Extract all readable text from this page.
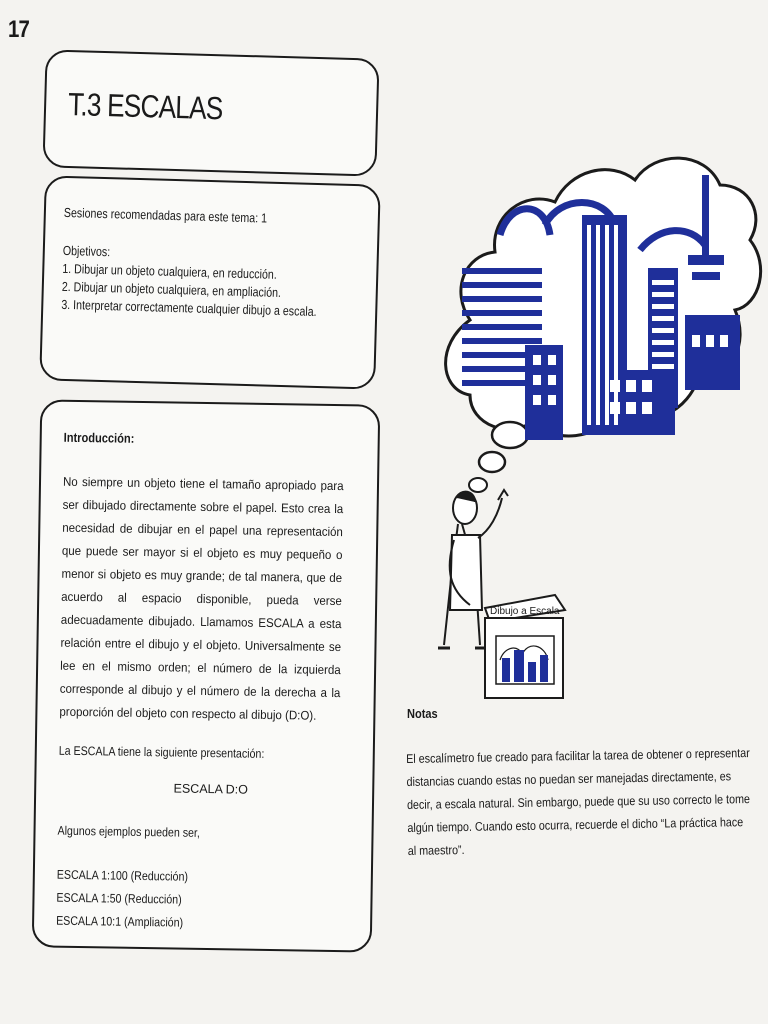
17
T.3 ESCALAS

Sesiones recomendadas para este tema: 1

Objetivos:

1. Dibujar un objeto cualquiera, en reducción.

2. Dibujar un objeto cualquiera, en ampliación.

3. Interpretar correctamente cualquier dibujo a escala.

Introducción:
No siempre un objeto tiene el tamaño apropiado para ser dibujado directamente sobre el papel. Esto crea la necesidad de dibujar en el papel una representación que puede ser mayor si el objeto es muy pequeño o menor si objeto es muy grande; de tal manera, que de acuerdo al espacio disponible, pueda verse adecuadamente dibujado. Llamamos ESCALA a esta relación entre el dibujo y el objeto. Universalmente se lee en el mismo orden; el número de la izquierda corresponde al dibujo y el número de la derecha a la proporción del objeto con respecto al dibujo (D:O).
La ESCALA tiene la siguiente presentación:
ESCALA D:O
Algunos ejemplos pueden ser,
ESCALA 1:100 (Reducción)
ESCALA 1:50 (Reducción)
ESCALA 10:1 (Ampliación)
Dibujo a Escala
Notas
El escalímetro fue creado para facilitar la tarea de obtener o representar distancias cuando estas no puedan ser manejadas directamente, es decir, a escala natural. Sin embargo, puede que su uso correcto le tome algún tiempo. Cuando esto ocurra, recuerde el dicho “La práctica hace al maestro”.
